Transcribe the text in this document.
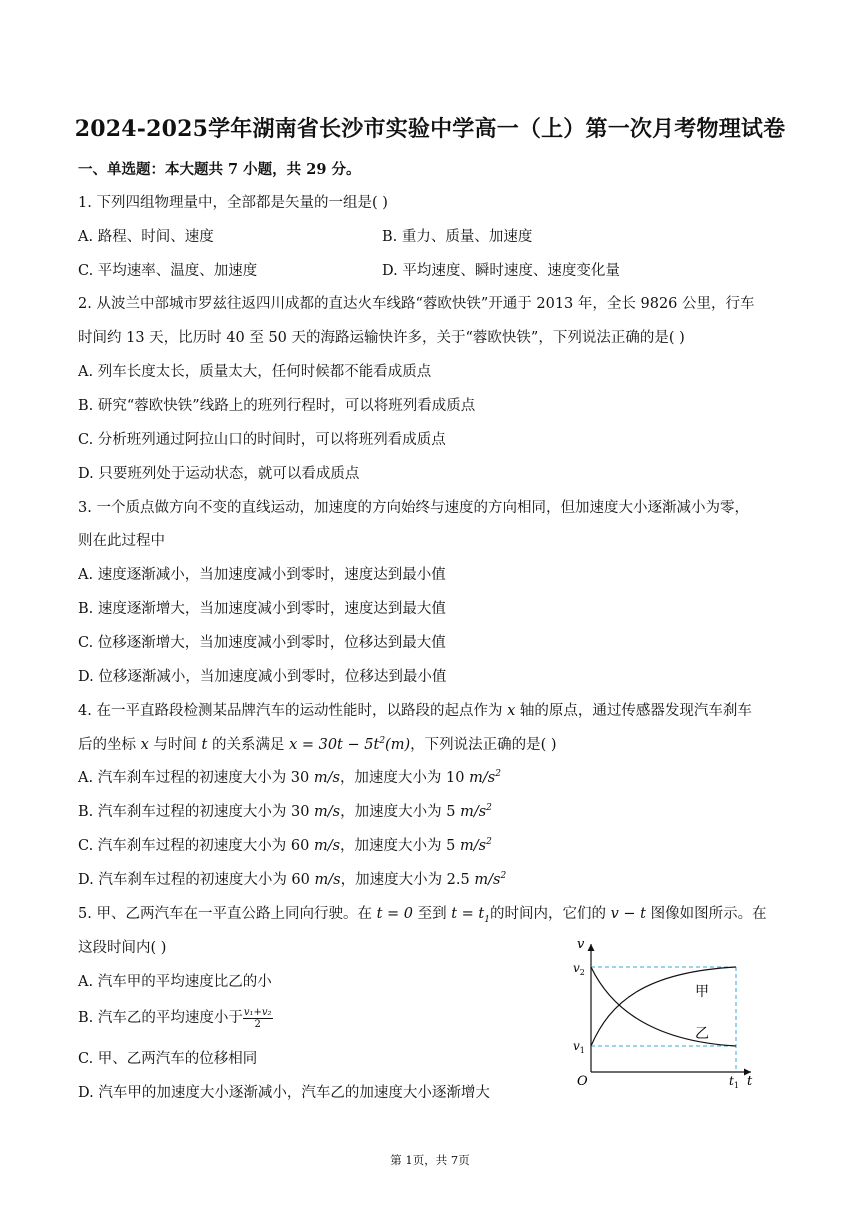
2024-2025学年湖南省长沙市实验中学高一（上）第一次月考物理试卷
一、单选题：本大题共 7 小题，共 29 分。
1. 下列四组物理量中，全部都是矢量的一组是( )
A. 路程、时间、速度	B. 重力、质量、加速度
C. 平均速率、温度、加速度	D. 平均速度、瞬时速度、速度变化量
2. 从波兰中部城市罗兹往返四川成都的直达火车线路“蓉欧快铁”开通于 2013 年，全长 9826 公里，行车
时间约 13 天，比历时 40 至 50 天的海路运输快许多，关于“蓉欧快铁”，下列说法正确的是( )
A. 列车长度太长，质量太大，任何时候都不能看成质点
B. 研究“蓉欧快铁”线路上的班列行程时，可以将班列看成质点
C. 分析班列通过阿拉山口的时间时，可以将班列看成质点
D. 只要班列处于运动状态，就可以看成质点
3. 一个质点做方向不变的直线运动，加速度的方向始终与速度的方向相同，但加速度大小逐渐减小为零，
则在此过程中
A. 速度逐渐减小，当加速度减小到零时，速度达到最小值
B. 速度逐渐增大，当加速度减小到零时，速度达到最大值
C. 位移逐渐增大，当加速度减小到零时，位移达到最大值
D. 位移逐渐减小，当加速度减小到零时，位移达到最小值
4. 在一平直路段检测某品牌汽车的运动性能时，以路段的起点作为 x 轴的原点，通过传感器发现汽车刹车
后的坐标 x 与时间 t 的关系满足 $x = 30t - 5t^2(m)$，下列说法正确的是( )
A. 汽车刹车过程的初速度大小为 30 m/s，加速度大小为 10 $m/s^2$
B. 汽车刹车过程的初速度大小为 30 m/s，加速度大小为 5 $m/s^2$
C. 汽车刹车过程的初速度大小为 60 m/s，加速度大小为 5 $m/s^2$
D. 汽车刹车过程的初速度大小为 60 m/s，加速度大小为 2.5 $m/s^2$
5. 甲、乙两汽车在一平直公路上同向行驶。在 t = 0 至到 $t = t_1$的时间内，它们的 v − t 图像如图所示。在
这段时间内( )
A. 汽车甲的平均速度比乙的小
B. 汽车乙的平均速度小于 $\frac{\text{v₁+v₂}}{2}$
C. 甲、乙两汽车的位移相同
D. 汽车甲的加速度大小逐渐减小，汽车乙的加速度大小逐渐增大
v
t
O
$v_2$
$v_1$
$t_1$
甲
乙
第 1页，共 7页
